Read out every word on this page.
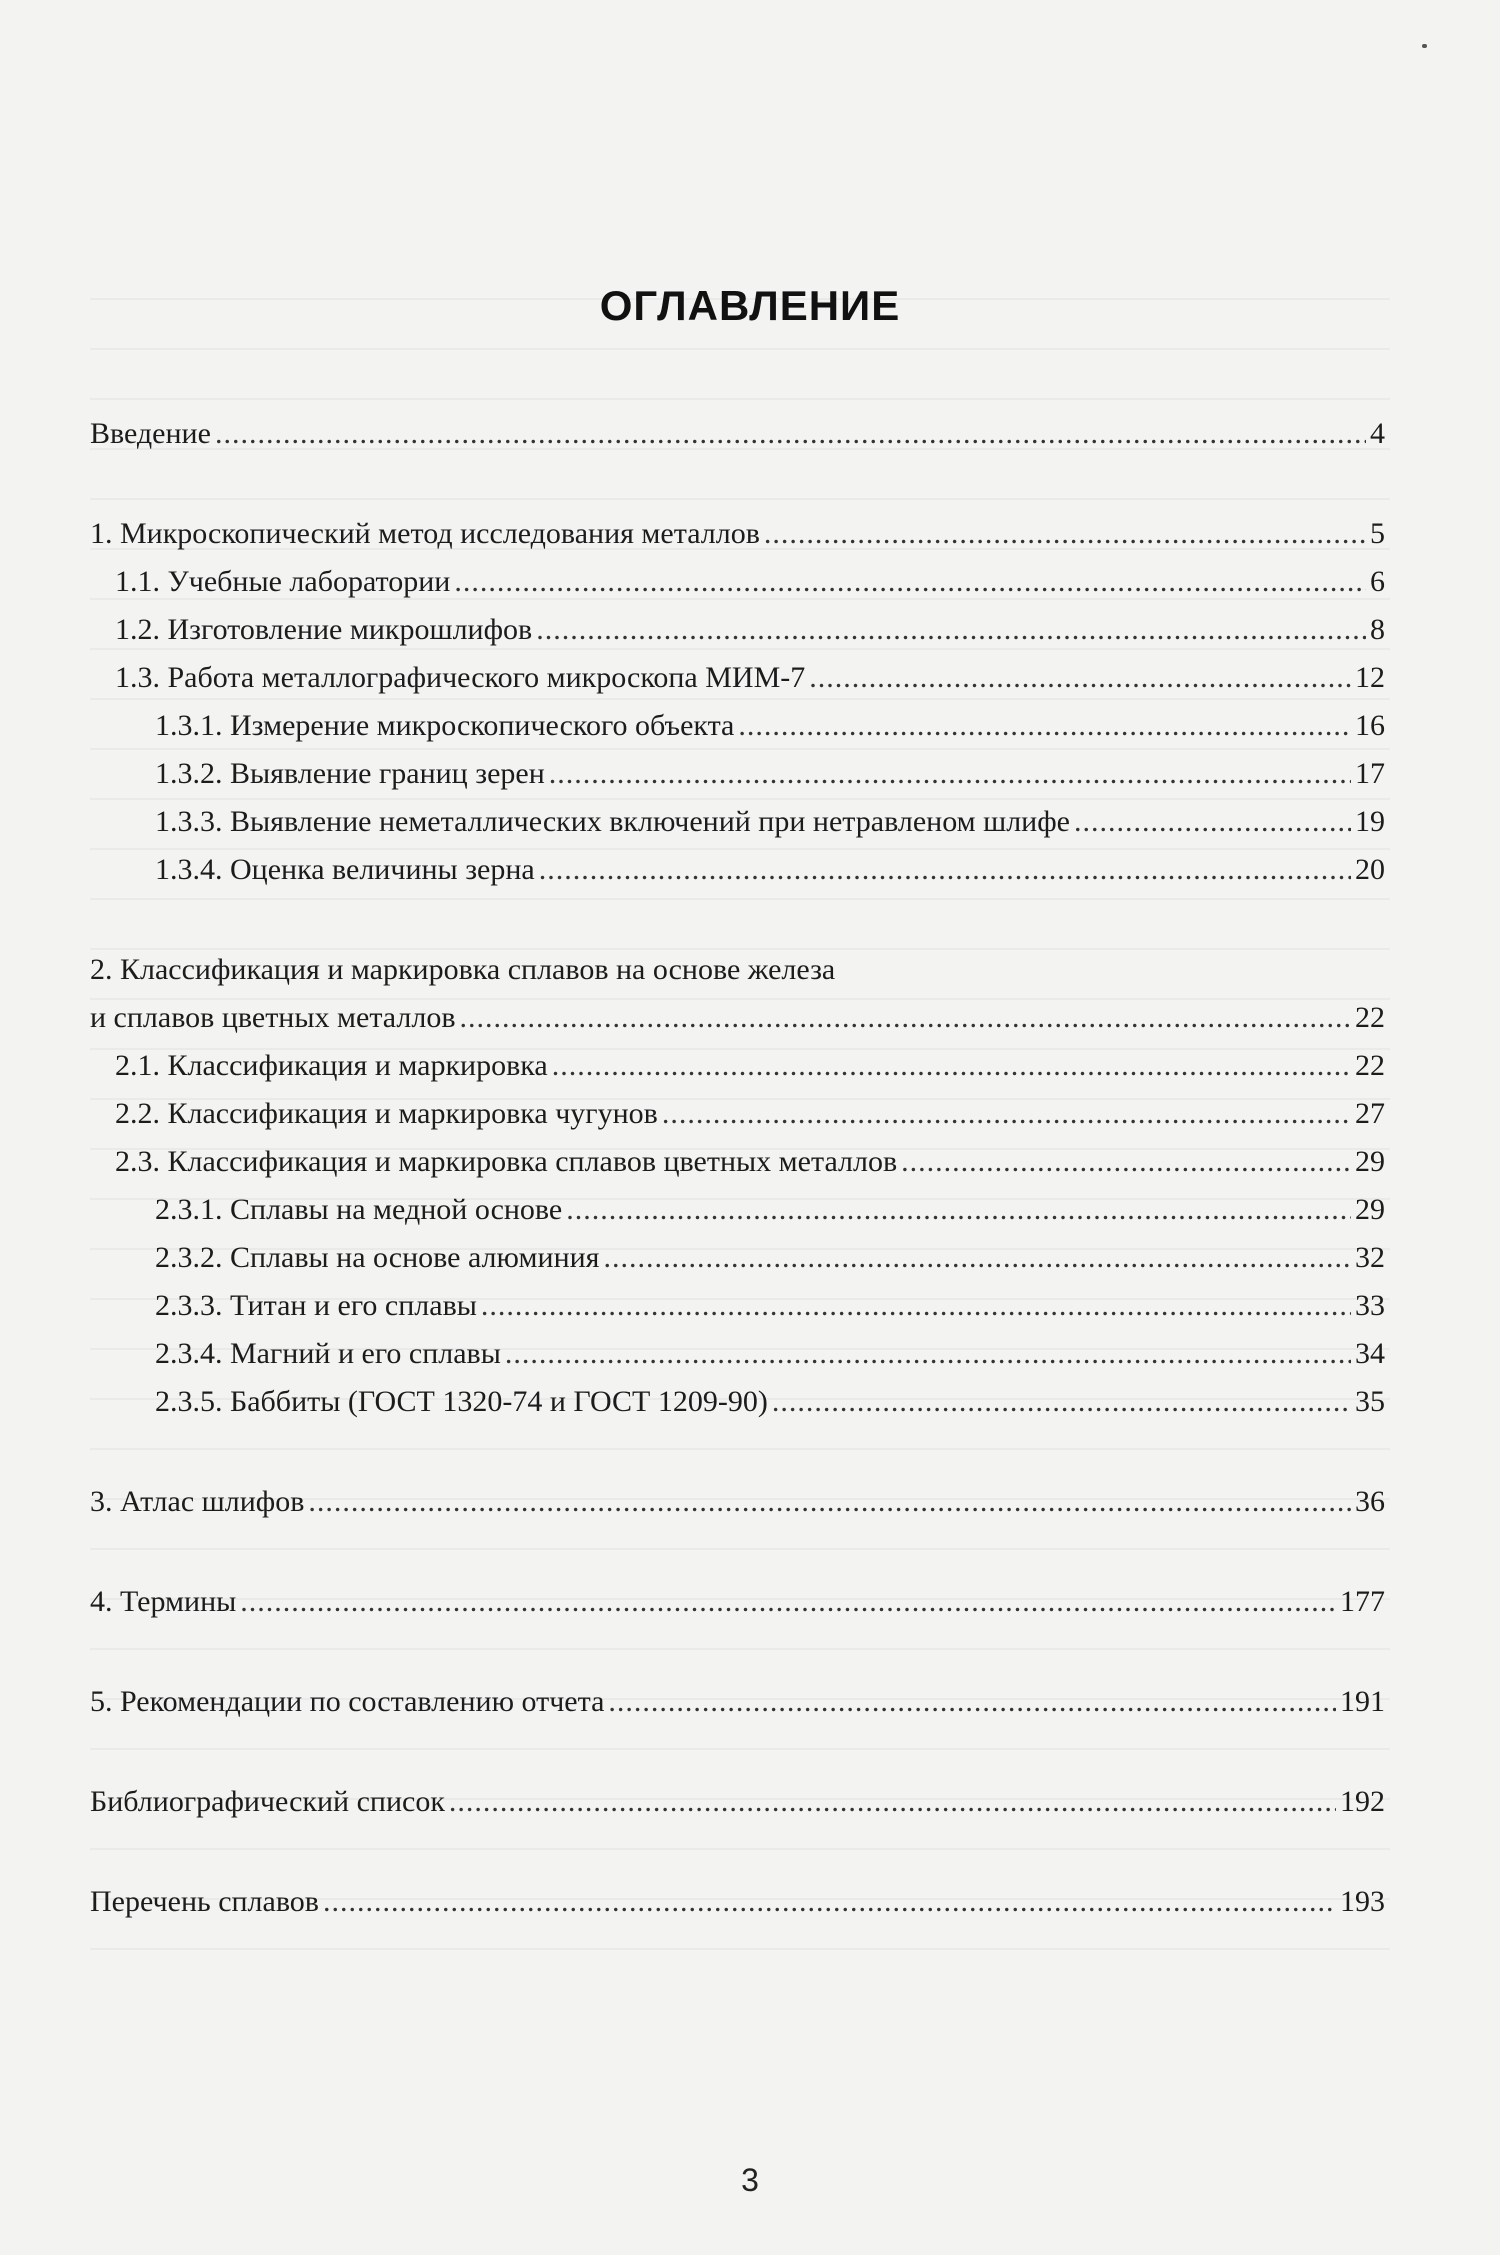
ОГЛАВЛЕНИЕ
Введение .....	4
1. Микроскопический метод исследования металлов .....	5
1.1. Учебные лаборатории .....	6
1.2. Изготовление микрошлифов .....	8
1.3. Работа металлографического микроскопа МИМ-7 .....	12
1.3.1. Измерение микроскопического объекта .....	16
1.3.2. Выявление границ зерен .....	17
1.3.3. Выявление неметаллических включений при нетравленом шлифе .....	19
1.3.4. Оценка величины зерна .....	20
2. Классификация и маркировка сплавов на основе железа
и сплавов цветных металлов .....	22
2.1. Классификация и маркировка .....	22
2.2. Классификация и маркировка чугунов .....	27
2.3. Классификация и маркировка сплавов цветных металлов .....	29
2.3.1. Сплавы на медной основе .....	29
2.3.2. Сплавы на основе алюминия .....	32
2.3.3. Титан и его сплавы .....	33
2.3.4. Магний и его сплавы .....	34
2.3.5. Баббиты (ГОСТ 1320-74 и ГОСТ 1209-90) .....	35
3. Атлас шлифов .....	36
4. Термины .....	177
5. Рекомендации по составлению отчета .....	191
Библиографический список .....	192
Перечень сплавов .....	193
3
